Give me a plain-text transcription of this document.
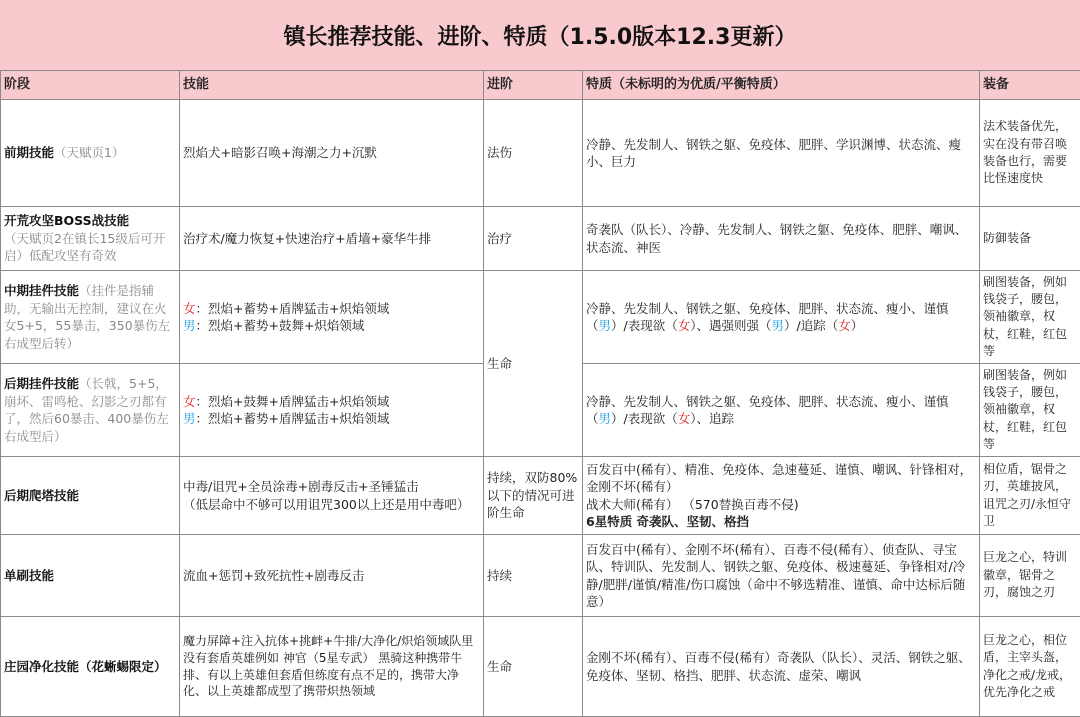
镇长推荐技能、进阶、特质（1.5.0版本12.3更新）
阶段	技能	进阶	特质（未标明的为优质/平衡特质）	装备
前期技能（天赋页1）	烈焰犬+暗影召唤+海潮之力+沉默	法伤	冷静、先发制人、钢铁之躯、免疫体、肥胖、学识渊博、状态流、瘦小、巨力	法术装备优先，实在没有带召唤装备也行，需要比怪速度快
开荒攻坚BOSS战技能
（天赋页2在镇长15级后可开启）低配攻坚有奇效	治疗术/魔力恢复+快速治疗+盾墙+豪华牛排	治疗	奇袭队（队长）、冷静、先发制人、钢铁之躯、免疫体、肥胖、嘲讽、状态流、神医	防御装备
中期挂件技能（挂件是指辅助，无输出无控制，建议在火女5+5，55暴击，350暴伤左右成型后转）	女：烈焰+蓄势+盾牌猛击+炽焰领域
男：烈焰+蓄势+鼓舞+炽焰领域	生命	冷静、先发制人、钢铁之躯、免疫体、肥胖、状态流、瘦小、谨慎（男）/表现欲（女）、遇强则强（男）/追踪（女）	刷图装备，例如钱袋子，腰包，领袖徽章，权杖，红鞋，红包等
后期挂件技能（长戟，5+5，崩坏、雷鸣枪、幻影之刃都有了，然后60暴击、400暴伤左右成型后）	女：烈焰+鼓舞+盾牌猛击+炽焰领域
男：烈焰+蓄势+盾牌猛击+炽焰领域		冷静、先发制人、钢铁之躯、免疫体、肥胖、状态流、瘦小、谨慎（男）/表现欲（女）、追踪	刷图装备，例如钱袋子，腰包，领袖徽章，权杖，红鞋，红包等
后期爬塔技能	中毒/诅咒+全员涂毒+剧毒反击+圣锤猛击
（低层命中不够可以用诅咒300以上还是用中毒吧）	持续，双防80%以下的情况可进阶生命	百发百中(稀有）、精准、免疫体、急速蔓延、谨慎、嘲讽、针锋相对，金刚不坏(稀有）
战术大师(稀有） （570替换百毒不侵)
6星特质 奇袭队、坚韧、格挡	相位盾，锯骨之刃，英雄披风，诅咒之刃/永恒守卫
单刷技能	流血+惩罚+致死抗性+剧毒反击	持续	百发百中(稀有）、金刚不坏(稀有）、百毒不侵(稀有）、侦查队、寻宝队、特训队、先发制人、钢铁之躯、免疫体、极速蔓延、争锋相对/冷静/肥胖/谨慎/精准/伤口腐蚀（命中不够选精准、谨慎、命中达标后随意）	巨龙之心，特训徽章，锯骨之刃，腐蚀之刃
庄园净化技能（花蜥蜴限定）	魔力屏障+注入抗体+挑衅+牛排/大净化/炽焰领域队里没有套盾英雄例如 神官（5星专武） 黑骑这种携带牛排、有以上英雄但套盾但练度有点不足的，携带大净化、以上英雄都成型了携带炽热领域	生命	金刚不坏(稀有）、百毒不侵(稀有）奇袭队（队长）、灵活、钢铁之躯、免疫体、坚韧、格挡、肥胖、状态流、虚荣、嘲讽	巨龙之心，相位盾，主宰头盔，净化之戒/龙戒，优先净化之戒
